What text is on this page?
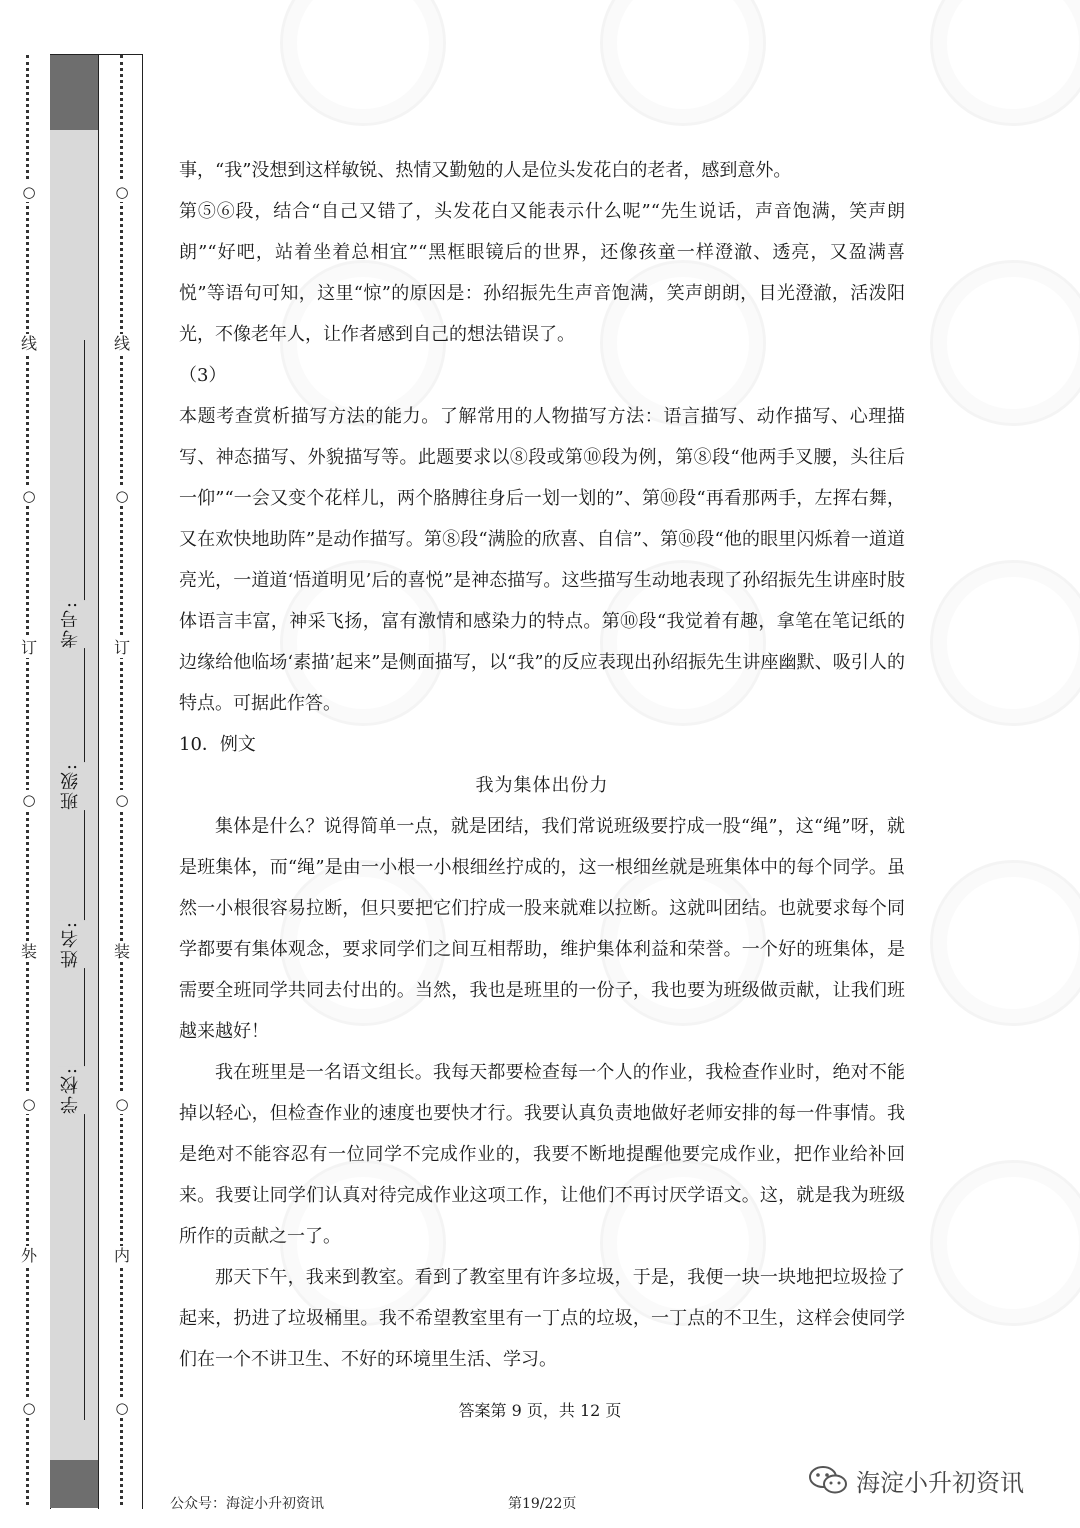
考号:
班级:
姓名:
学校:
○
线
○
订
○
装
○
外
○
○
线
○
订
○
装
○
内
○

事，“我”没想到这样敏锐、热情又勤勉的人是位头发花白的老者，感到意外。

第⑤⑥段，结合“自己又错了，头发花白又能表示什么呢”“先生说话，声音饱满，笑声朗朗”“好吧，站着坐着总相宜”“黑框眼镜后的世界，还像孩童一样澄澈、透亮，又盈满喜悦”等语句可知，这里“惊”的原因是：孙绍振先生声音饱满，笑声朗朗，目光澄澈，活泼阳光，不像老年人，让作者感到自己的想法错误了。

（3）

本题考查赏析描写方法的能力。了解常用的人物描写方法：语言描写、动作描写、心理描写、神态描写、外貌描写等。此题要求以⑧段或第⑩段为例，第⑧段“他两手叉腰，头往后一仰”“一会又变个花样儿，两个胳膊往身后一划一划的”、第⑩段“再看那两手，左挥右舞，又在欢快地助阵”是动作描写。第⑧段“满脸的欣喜、自信”、第⑩段“他的眼里闪烁着一道道亮光，一道道‘悟道明见’后的喜悦”是神态描写。这些描写生动地表现了孙绍振先生讲座时肢体语言丰富，神采飞扬，富有激情和感染力的特点。第⑩段“我觉着有趣，拿笔在笔记纸的边缘给他临场‘素描’起来”是侧面描写，以“我”的反应表现出孙绍振先生讲座幽默、吸引人的特点。可据此作答。

10．例文

我为集体出份力

集体是什么？说得简单一点，就是团结，我们常说班级要拧成一股“绳”，这“绳”呀，就是班集体，而“绳”是由一小根一小根细丝拧成的，这一根细丝就是班集体中的每个同学。虽然一小根很容易拉断，但只要把它们拧成一股来就难以拉断。这就叫团结。也就要求每个同学都要有集体观念，要求同学们之间互相帮助，维护集体利益和荣誉。一个好的班集体，是需要全班同学共同去付出的。当然，我也是班里的一份子，我也要为班级做贡献，让我们班越来越好！

我在班里是一名语文组长。我每天都要检查每一个人的作业，我检查作业时，绝对不能掉以轻心，但检查作业的速度也要快才行。我要认真负责地做好老师安排的每一件事情。我是绝对不能容忍有一位同学不完成作业的，我要不断地提醒他要完成作业，把作业给补回来。我要让同学们认真对待完成作业这项工作，让他们不再讨厌学语文。这，就是我为班级所作的贡献之一了。

那天下午，我来到教室。看到了教室里有许多垃圾，于是，我便一块一块地把垃圾捡了起来，扔进了垃圾桶里。我不希望教室里有一丁点的垃圾，一丁点的不卫生，这样会使同学们在一个不讲卫生、不好的环境里生活、学习。

答案第 9 页，共 12 页
公众号：海淀小升初资讯	第19/22页
海淀小升初资讯
